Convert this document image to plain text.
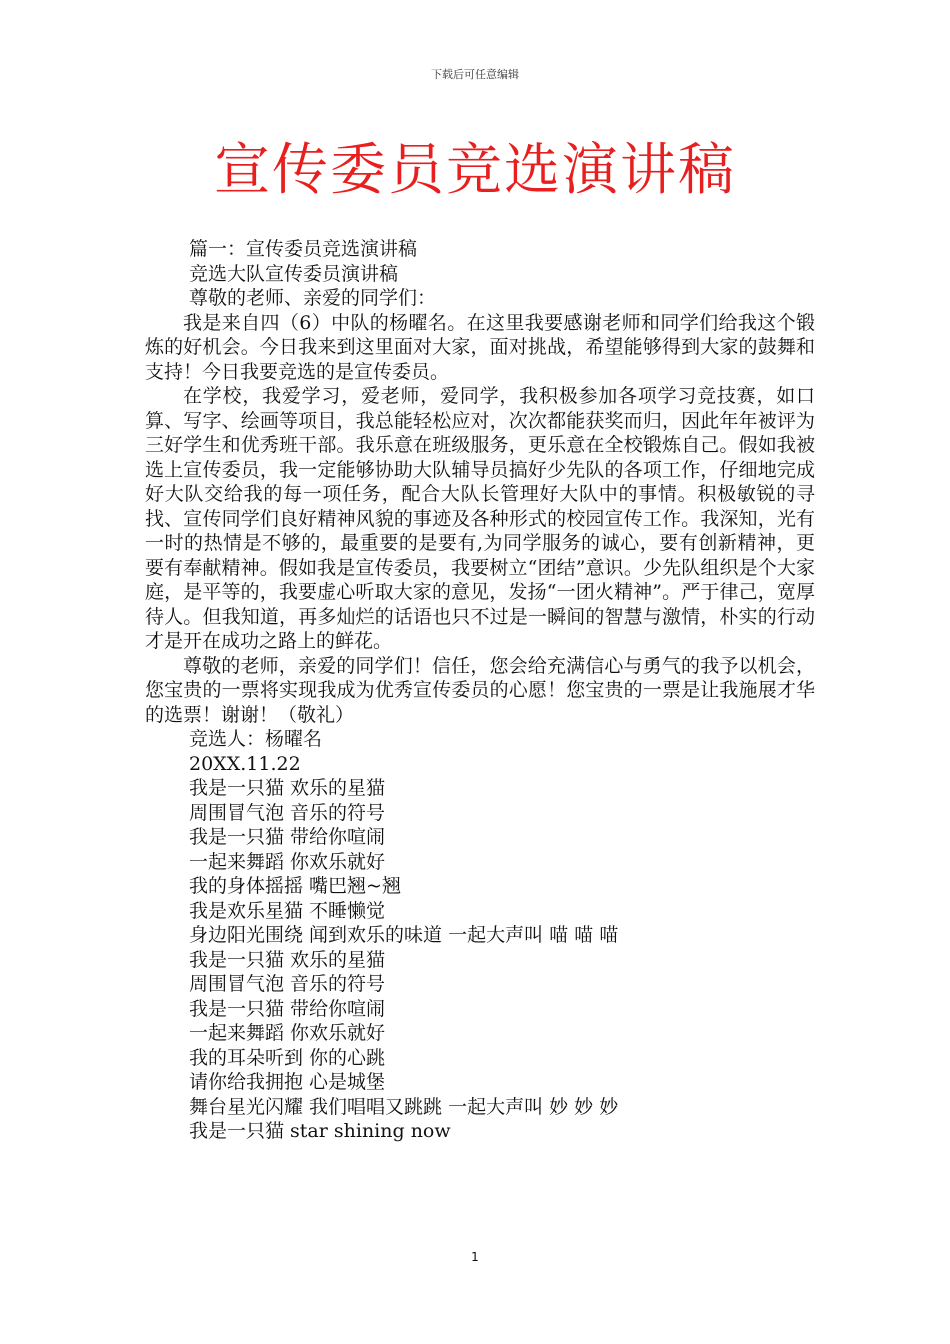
下载后可任意编辑
宣传委员竞选演讲稿
篇一：宣传委员竞选演讲稿
竞选大队宣传委员演讲稿
尊敬的老师、亲爱的同学们：

我是来自四（6）中队的杨曜名。在这里我要感谢老师和同学们给我这个锻炼的好机会。今日我来到这里面对大家，面对挑战，希望能够得到大家的鼓舞和支持！今日我要竞选的是宣传委员。

在学校，我爱学习，爱老师，爱同学，我积极参加各项学习竞技赛，如口算、写字、绘画等项目，我总能轻松应对，次次都能获奖而归，因此年年被评为三好学生和优秀班干部。我乐意在班级服务，更乐意在全校锻炼自己。假如我被选上宣传委员，我一定能够协助大队辅导员搞好少先队的各项工作，仔细地完成好大队交给我的每一项任务，配合大队长管理好大队中的事情。积极敏锐的寻找、宣传同学们良好精神风貌的事迹及各种形式的校园宣传工作。我深知，光有一时的热情是不够的，最重要的是要有,为同学服务的诚心，要有创新精神，更要有奉献精神。假如我是宣传委员，我要树立“团结”意识。少先队组织是个大家庭，是平等的，我要虚心听取大家的意见，发扬“一团火精神”。严于律己，宽厚待人。但我知道，再多灿烂的话语也只不过是一瞬间的智慧与激情，朴实的行动才是开在成功之路上的鲜花。

尊敬的老师，亲爱的同学们！信任，您会给充满信心与勇气的我予以机会，您宝贵的一票将实现我成为优秀宣传委员的心愿！您宝贵的一票是让我施展才华的选票！谢谢！（敬礼）

竞选人：杨曜名
20XX.11.22
我是一只猫 欢乐的星猫
周围冒气泡 音乐的符号
我是一只猫 带给你喧闹
一起来舞蹈 你欢乐就好
我的身体摇摇 嘴巴翘~翘
我是欢乐星猫 不睡懒觉
身边阳光围绕 闻到欢乐的味道 一起大声叫 喵 喵 喵
我是一只猫 欢乐的星猫
周围冒气泡 音乐的符号
我是一只猫 带给你喧闹
一起来舞蹈 你欢乐就好
我的耳朵听到 你的心跳
请你给我拥抱 心是城堡
舞台星光闪耀 我们唱唱又跳跳 一起大声叫 妙 妙 妙
我是一只猫 star shining now
1
